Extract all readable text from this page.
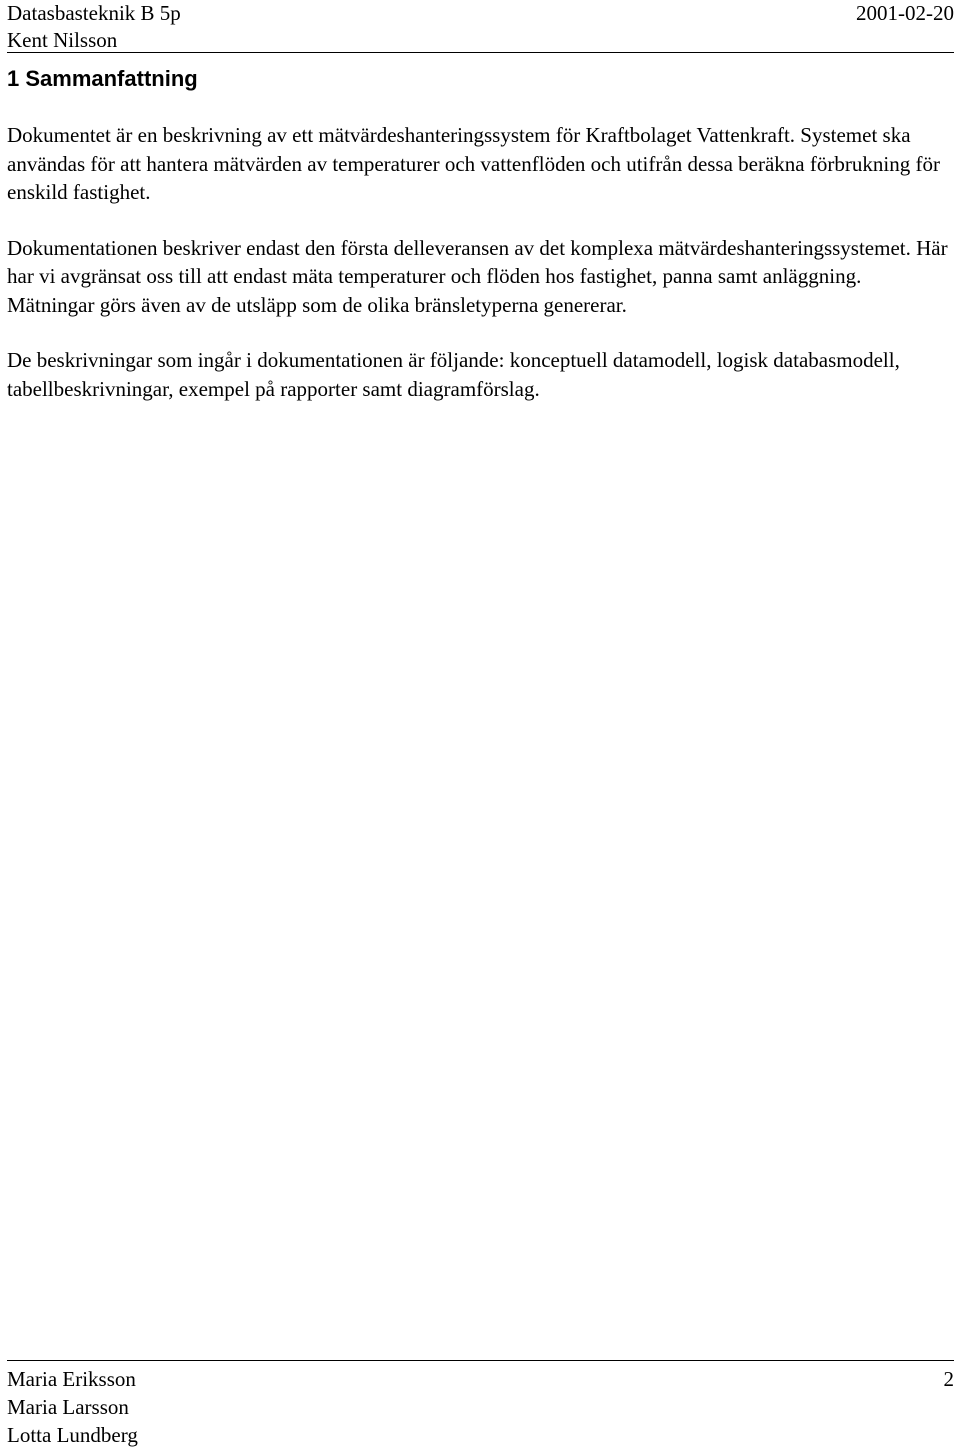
Datasbasteknik B 5p	2001-02-20
Kent Nilsson
1 Sammanfattning

Dokumentet är en beskrivning av ett mätvärdeshanteringssystem för Kraftbolaget Vattenkraft. Systemet ska användas för att hantera mätvärden av temperaturer och vattenflöden och utifrån dessa beräkna förbrukning för enskild fastighet.

Dokumentationen beskriver endast den första delleveransen av det komplexa mätvärdeshanteringssystemet. Här har vi avgränsat oss till att endast mäta temperaturer och flöden hos fastighet, panna samt anläggning. Mätningar görs även av de utsläpp som de olika bränsletyperna genererar.

De beskrivningar som ingår i dokumentationen är följande: konceptuell datamodell, logisk databasmodell, tabellbeskrivningar, exempel på rapporter samt diagramförslag.

Maria Eriksson
Maria Larsson
Lotta Lundberg
2
